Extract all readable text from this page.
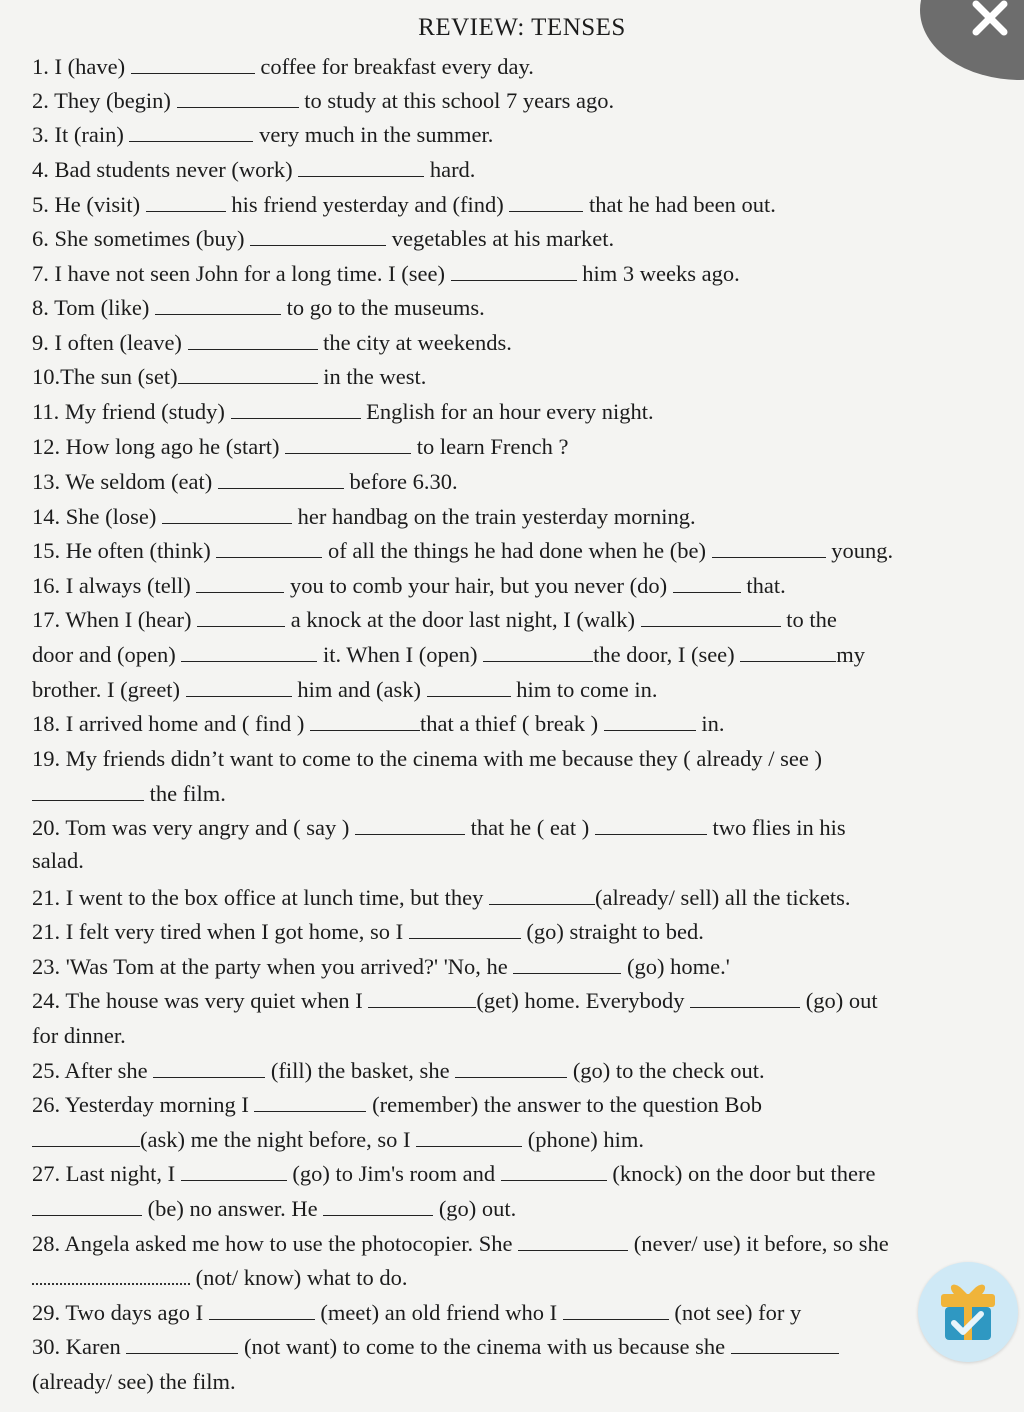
REVIEW: TENSES
1. I (have)	coffee for breakfast every day.
2. They (begin)	to study at this school 7 years ago.
3. It (rain)	very much in the summer.
4. Bad students never (work)	hard.
5. He (visit)	his friend yesterday and (find)	that he had been out.
6. She sometimes (buy)	vegetables at his market.
7. I have not seen John for a long time. I (see)	him 3 weeks ago.
8. Tom (like)	to go to the museums.
9. I often (leave)	the city at weekends.
10.The sun (set)	in the west.
11. My friend (study)	English for an hour every night.
12. How long ago he (start)	to learn French ?
13. We seldom (eat)	before 6.30.
14. She (lose)	her handbag on the train yesterday morning.
15. He often (think)	of all the things he had done when he (be)	young.
16. I always (tell)	you to comb your hair, but you never (do)	that.
17. When I (hear)	a knock at the door last night, I (walk)	to the
door and (open)	it. When I (open)	the door, I (see)	my
brother. I (greet)	him and (ask)	him to come in.
18. I arrived home and ( find )	that a thief ( break )	in.
19. My friends didn’t want to come to the cinema with me because they ( already / see )
the film.
20. Tom was very angry and ( say )	that he ( eat )	two flies in his
salad.
21. I went to the box office at lunch time, but they	(already/ sell) all the tickets.
21. I felt very tired when I got home, so I	(go) straight to bed.
23. 'Was Tom at the party when you arrived?' 'No, he	(go) home.'
24. The house was very quiet when I	(get) home. Everybody	(go) out
for dinner.
25. After she	(fill) the basket, she	(go) to the check out.
26. Yesterday morning I	(remember) the answer to the question Bob
(ask) me the night before, so I	(phone) him.
27. Last night, I	(go) to Jim's room and	(knock) on the door but there
(be) no answer. He	(go) out.
28. Angela asked me how to use the photocopier. She	(never/ use) it before, so she
(not/ know) what to do.
29. Two days ago I	(meet) an old friend who I	(not see) for y
30. Karen	(not want) to come to the cinema with us because she
(already/ see) the film.
